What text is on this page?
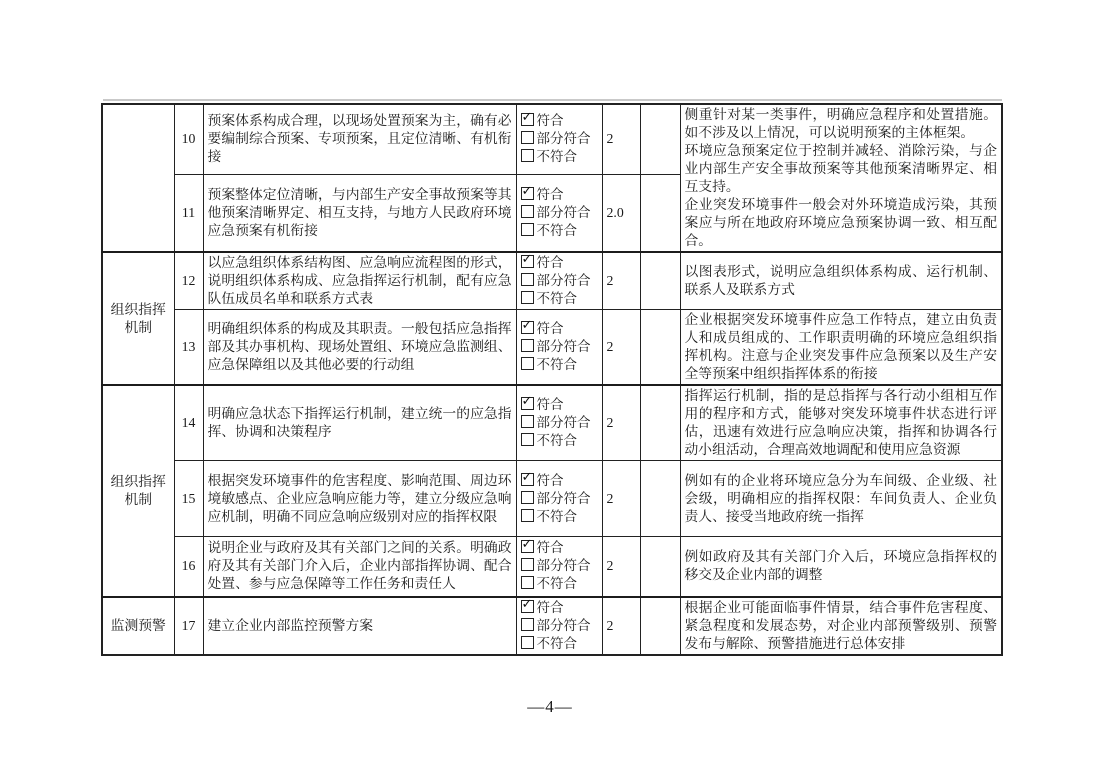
	10	预案体系构成合理，以现场处置预案为主，确有必要编制综合预案、专项预案，且定位清晰、有机衔接	
✓符合
部分符合
不符合
	2		

侧重针对某一类事件，明确应急程序和处置措施。如不涉及以上情况，可以说明预案的主体框架。

环境应急预案定位于控制并减轻、消除污染，与企业内部生产安全事故预案等其他预案清晰界定、相互支持。

企业突发环境事件一般会对外环境造成污染，其预案应与所在地政府环境应急预案协调一致、相互配合。

	11	预案整体定位清晰，与内部生产安全事故预案等其他预案清晰界定、相互支持，与地方人民政府环境应急预案有机衔接	
✓符合
部分符合
不符合	2.0		
组织指挥机制	12	以应急组织体系结构图、应急响应流程图的形式，说明组织体系构成、应急指挥运行机制，配有应急队伍成员名单和联系方式表	
✓符合
部分符合
不符合	2		以图表形式，说明应急组织体系构成、运行机制、联系人及联系方式
	13	明确组织体系的构成及其职责。一般包括应急指挥部及其办事机构、现场处置组、环境应急监测组、应急保障组以及其他必要的行动组	
✓符合
部分符合
不符合	2		企业根据突发环境事件应急工作特点，建立由负责人和成员组成的、工作职责明确的环境应急组织指挥机构。注意与企业突发事件应急预案以及生产安全等预案中组织指挥体系的衔接
组织指挥机制	14	明确应急状态下指挥运行机制，建立统一的应急指挥、协调和决策程序	
✓符合
部分符合
不符合	2		指挥运行机制，指的是总指挥与各行动小组相互作用的程序和方式，能够对突发环境事件状态进行评估，迅速有效进行应急响应决策，指挥和协调各行动小组活动，合理高效地调配和使用应急资源
	15	根据突发环境事件的危害程度、影响范围、周边环境敏感点、企业应急响应能力等，建立分级应急响应机制，明确不同应急响应级别对应的指挥权限	
✓符合
部分符合
不符合	2		例如有的企业将环境应急分为车间级、企业级、社会级，明确相应的指挥权限：车间负责人、企业负责人、接受当地政府统一指挥
	16	说明企业与政府及其有关部门之间的关系。明确政府及其有关部门介入后，企业内部指挥协调、配合处置、参与应急保障等工作任务和责任人	
✓符合
部分符合
不符合	2		例如政府及其有关部门介入后，环境应急指挥权的移交及企业内部的调整
监测预警	17	建立企业内部监控预警方案	
✓符合
部分符合
不符合	2		根据企业可能面临事件情景，结合事件危害程度、紧急程度和发展态势，对企业内部预警级别、预警发布与解除、预警措施进行总体安排
—4—
